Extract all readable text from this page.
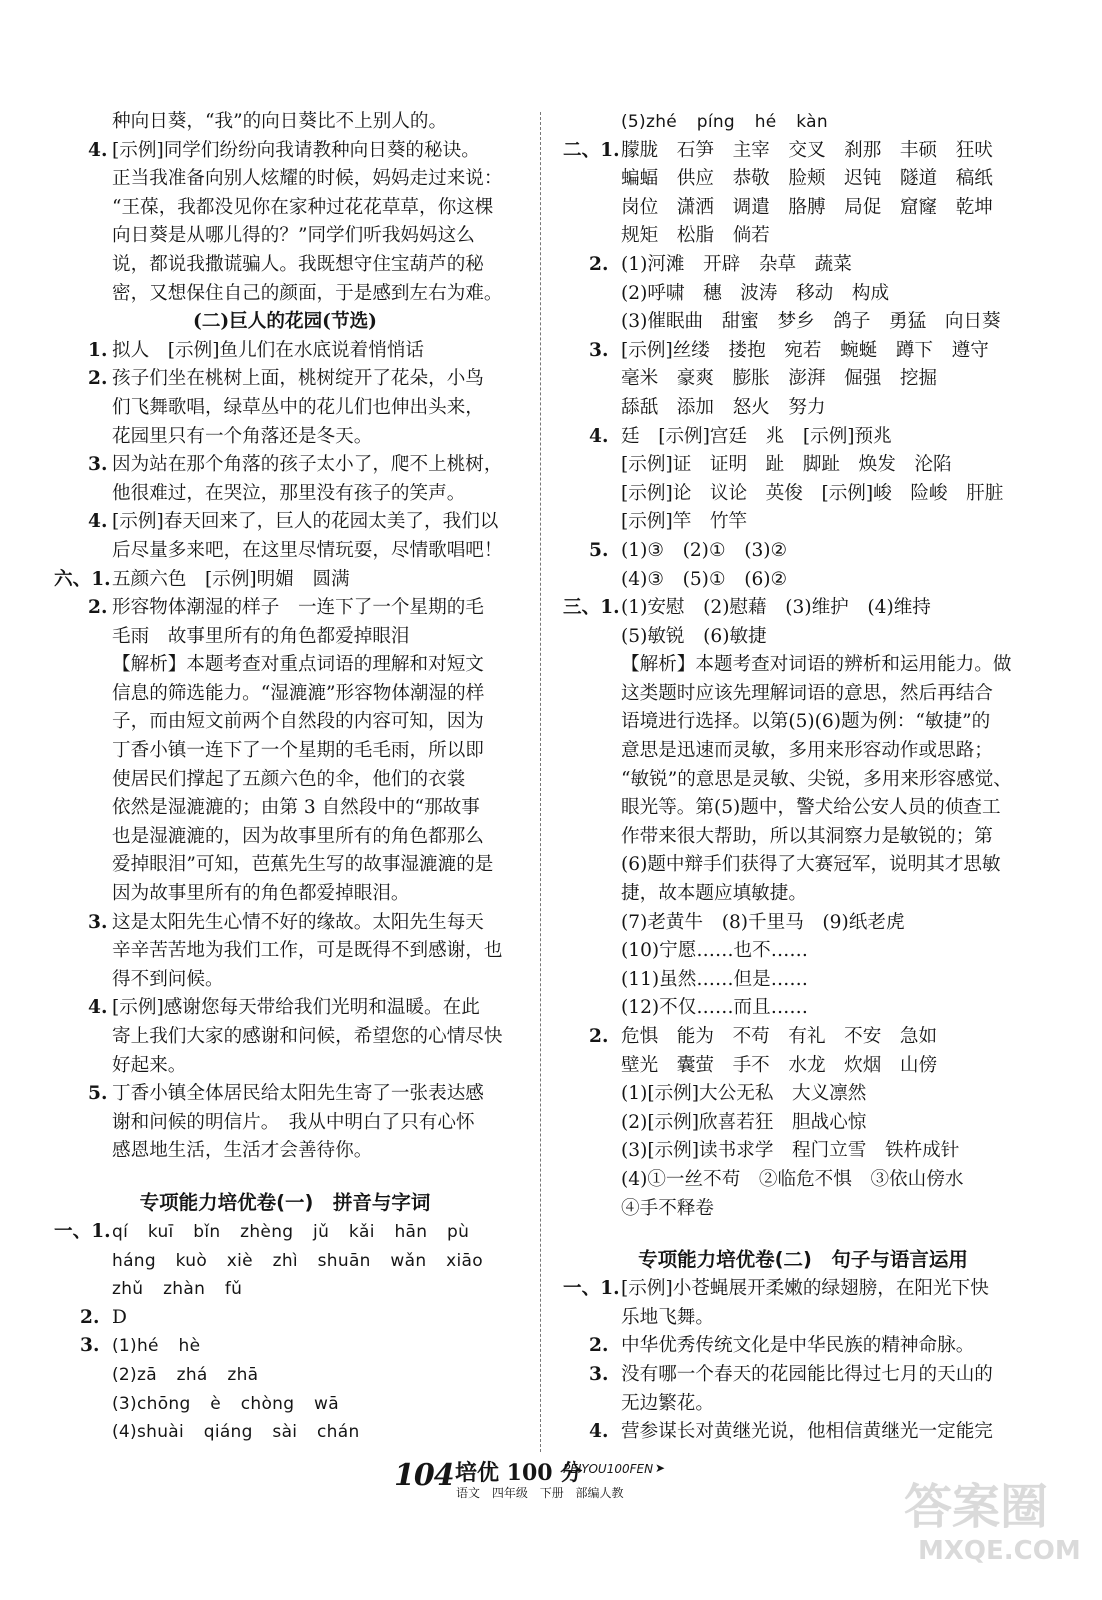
种向日葵，“我”的向日葵比不上别人的。
4. [示例]同学们纷纷向我请教种向日葵的秘诀。
正当我准备向别人炫耀的时候，妈妈走过来说：
“王葆，我都没见你在家种过花花草草，你这棵
向日葵是从哪儿得的？”同学们听我妈妈这么
说，都说我撒谎骗人。我既想守住宝葫芦的秘
密，又想保住自己的颜面，于是感到左右为难。
(二)巨人的花园(节选)
1. 拟人　[示例]鱼儿们在水底说着悄悄话
2. 孩子们坐在桃树上面，桃树绽开了花朵，小鸟
们飞舞歌唱，绿草丛中的花儿们也伸出头来，
花园里只有一个角落还是冬天。
3. 因为站在那个角落的孩子太小了，爬不上桃树，
他很难过，在哭泣，那里没有孩子的笑声。
4. [示例]春天回来了，巨人的花园太美了，我们以
后尽量多来吧，在这里尽情玩耍，尽情歌唱吧！
六、1. 五颜六色　[示例]明媚　圆满
2. 形容物体潮湿的样子　一连下了一个星期的毛
毛雨　故事里所有的角色都爱掉眼泪
【解析】本题考查对重点词语的理解和对短文
信息的筛选能力。“湿漉漉”形容物体潮湿的样
子，而由短文前两个自然段的内容可知，因为
丁香小镇一连下了一个星期的毛毛雨，所以即
使居民们撑起了五颜六色的伞，他们的衣裳
依然是湿漉漉的；由第 3 自然段中的“那故事
也是湿漉漉的，因为故事里所有的角色都那么
爱掉眼泪”可知，芭蕉先生写的故事湿漉漉的是
因为故事里所有的角色都爱掉眼泪。
3. 这是太阳先生心情不好的缘故。太阳先生每天
辛辛苦苦地为我们工作，可是既得不到感谢，也
得不到问候。
4. [示例]感谢您每天带给我们光明和温暖。在此
寄上我们大家的感谢和问候，希望您的心情尽快
好起来。
5. 丁香小镇全体居民给太阳先生寄了一张表达感
谢和问候的明信片。　我从中明白了只有心怀
感恩地生活，生活才会善待你。
专项能力培优卷(一)　拼音与字词
一、1. qí kuī bǐn zhèng jǔ kǎi hān pù
háng kuò xiè zhì shuān wǎn xiāo
zhǔ zhàn fǔ
2. D
3. (1)hé hè
(2)zā zhá zhā
(3)chōng è chòng wā
(4)shuài qiáng sài chán
(5)zhé píng hé kàn
二、1. 朦胧　石笋　主宰　交叉　刹那　丰硕　狂吠
蝙蝠　供应　恭敬　脸颊　迟钝　隧道　稿纸
岗位　潇洒　调遣　胳膊　局促　窟窿　乾坤
规矩　松脂　倘若
2. (1)河滩　开辟　杂草　蔬菜
(2)呼啸　穗　波涛　移动　构成
(3)催眠曲　甜蜜　梦乡　鸽子　勇猛　向日葵
3. [示例]丝缕　搂抱　宛若　蜿蜒　蹲下　遵守
毫米　豪爽　膨胀　澎湃　倔强　挖掘
舔舐　添加　怒火　努力
4. 廷　[示例]宫廷　兆　[示例]预兆
[示例]证　证明　趾　脚趾　焕发　沦陷
[示例]论　议论　英俊　[示例]峻　险峻　肝脏
[示例]竿　竹竿
5. (1)③　(2)①　(3)②
(4)③　(5)①　(6)②
三、1. (1)安慰　(2)慰藉　(3)维护　(4)维持
(5)敏锐　(6)敏捷
【解析】本题考查对词语的辨析和运用能力。做
这类题时应该先理解词语的意思，然后再结合
语境进行选择。以第(5)(6)题为例：“敏捷”的
意思是迅速而灵敏，多用来形容动作或思路；
“敏锐”的意思是灵敏、尖锐，多用来形容感觉、
眼光等。第(5)题中，警犬给公安人员的侦查工
作带来很大帮助，所以其洞察力是敏锐的；第
(6)题中辩手们获得了大赛冠军，说明其才思敏
捷，故本题应填敏捷。
(7)老黄牛　(8)千里马　(9)纸老虎
(10)宁愿……也不……
(11)虽然……但是……
(12)不仅……而且……
2. 危惧　能为　不苟　有礼　不安　急如
壁光　囊萤　手不　水龙　炊烟　山傍
(1)[示例]大公无私　大义凛然
(2)[示例]欣喜若狂　胆战心惊
(3)[示例]读书求学　程门立雪　铁杵成针
(4)①一丝不苟　②临危不惧　③依山傍水
④手不释卷
专项能力培优卷(二)　句子与语言运用
一、1. [示例]小苍蝇展开柔嫩的绿翅膀，在阳光下快
乐地飞舞。
2. 中华优秀传统文化是中华民族的精神命脉。
3. 没有哪一个春天的花园能比得过七月的天山的
无边繁花。
4. 营参谋长对黄继光说，他相信黄继光一定能完
104 培优 100 分
PEIYOU100FEN ➤
语文 四年级 下册 部编人教	答案圈
MXQE.COM
